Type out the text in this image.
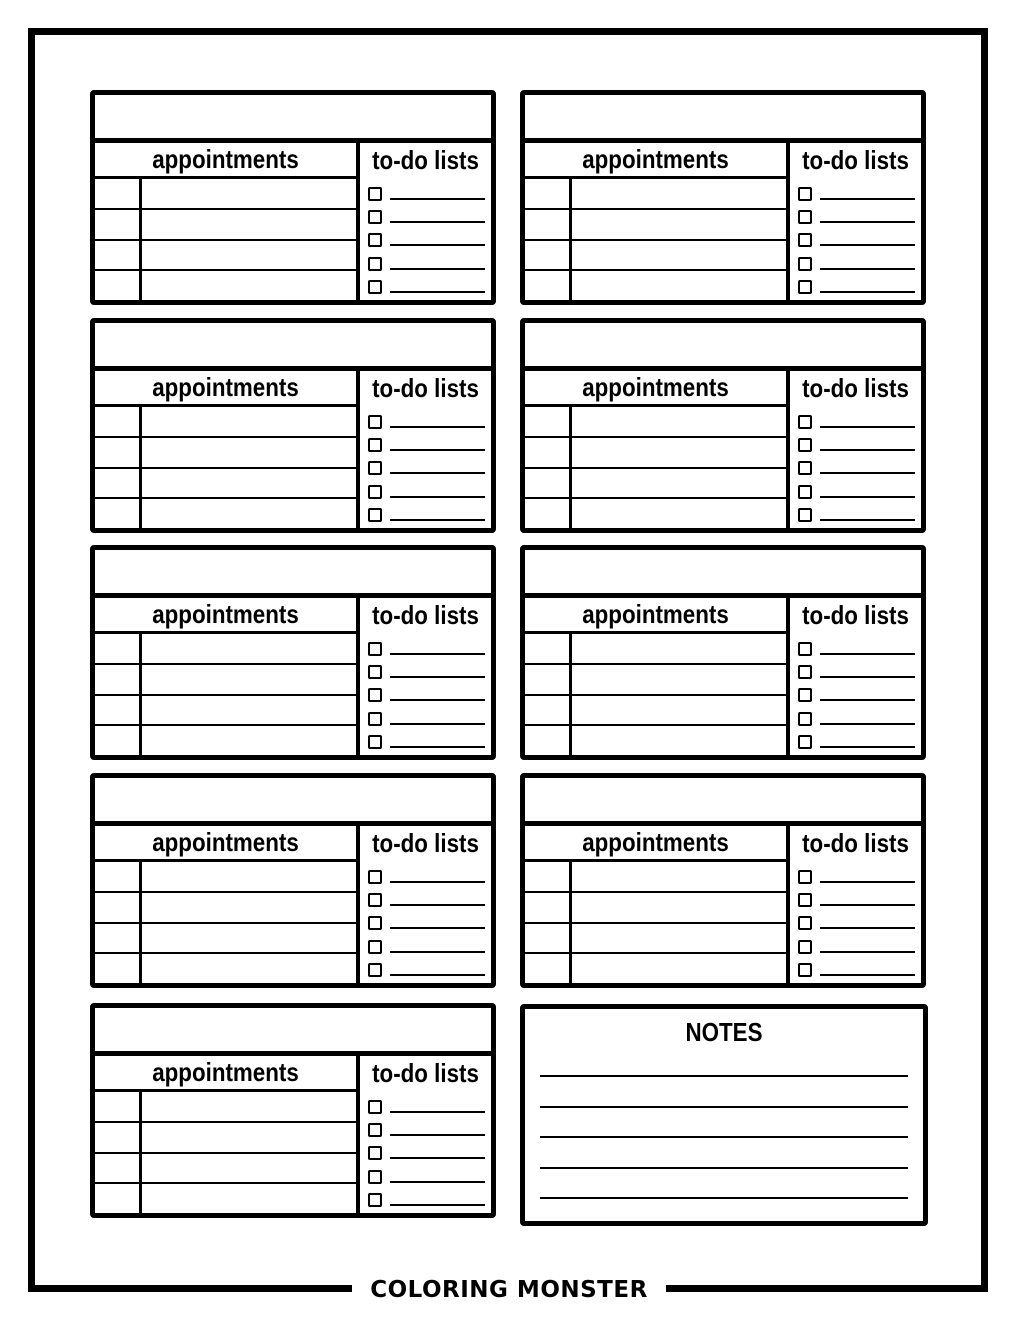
appointments	to-do lists	appointments	to-do lists
appointments	to-do lists	appointments	to-do lists
appointments	to-do lists	appointments	to-do lists
appointments	to-do lists	appointments	to-do lists
appointments	to-do lists
NOTES
COLORING MONSTER
